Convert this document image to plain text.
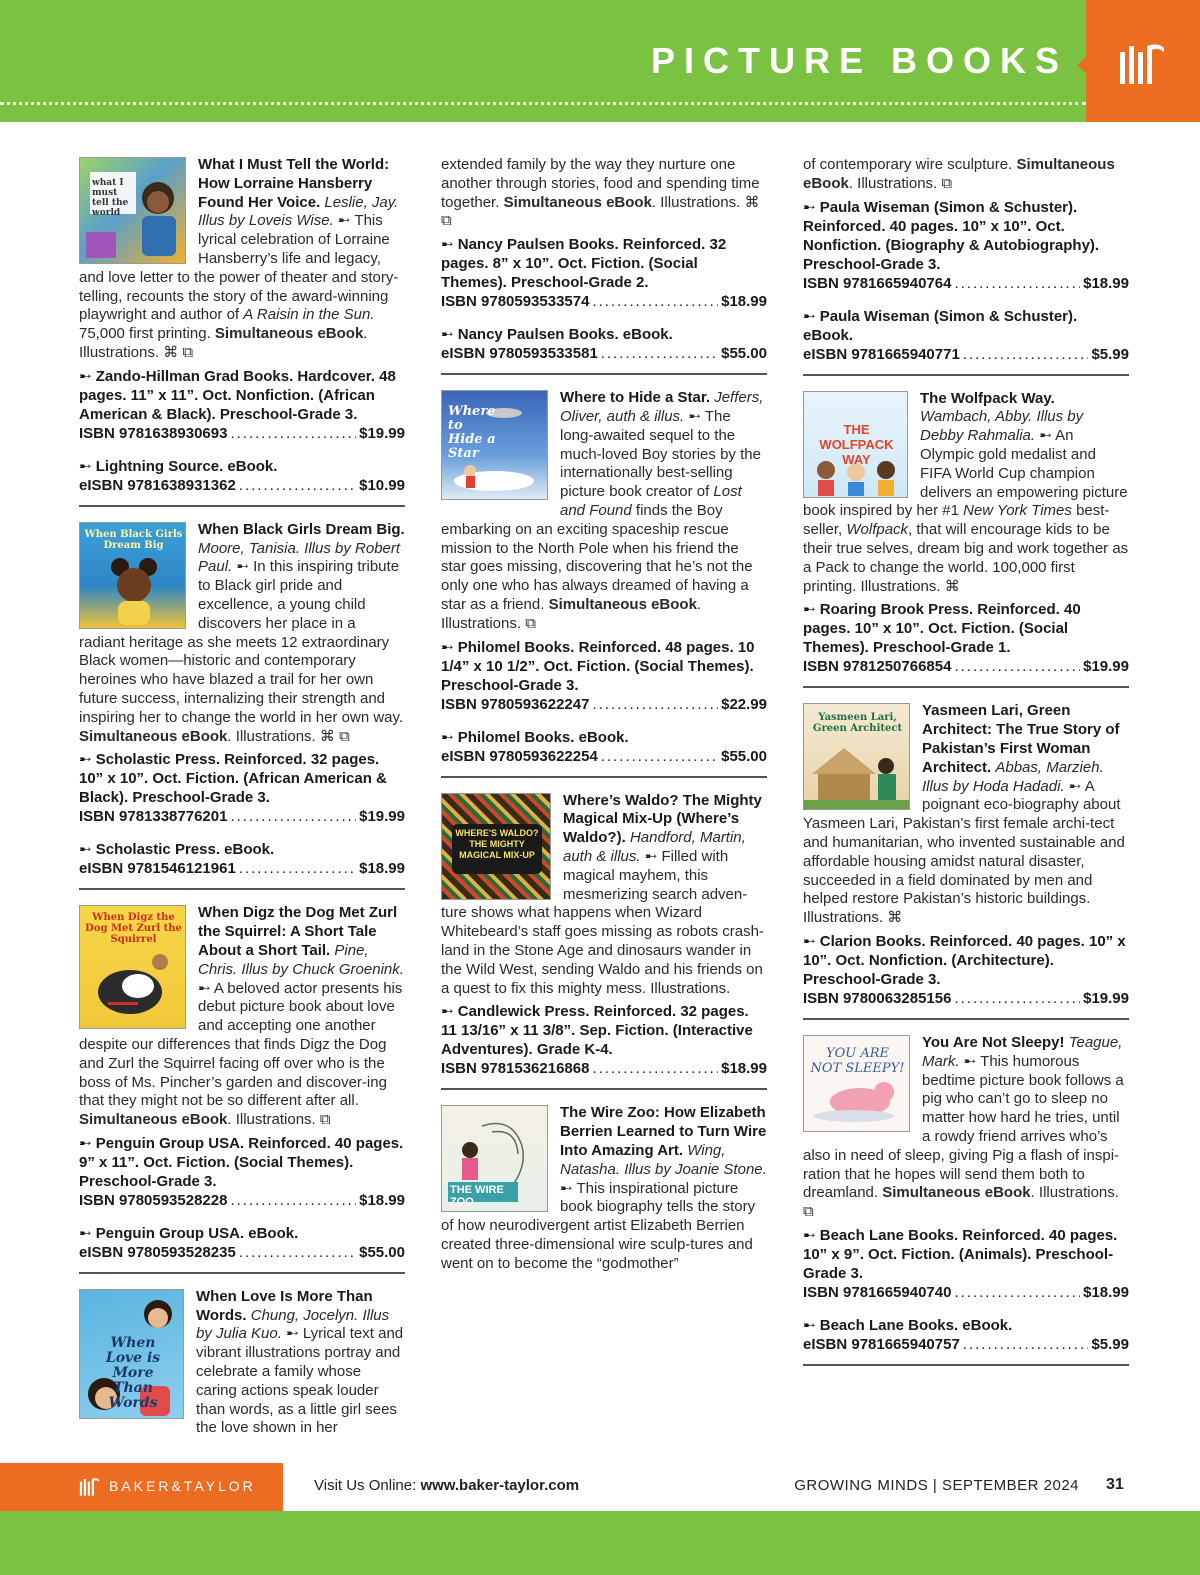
PICTURE BOOKS
what I must tell the world
What I Must Tell the World: How Lorraine Hansberry Found Her Voice. Leslie, Jay. Illus by Loveis Wise. ➸ This lyrical celebration of Lorraine Hansberry’s life and legacy, and love letter to the power of theater and story-telling, recounts the story of the award-winning playwright and author of A Raisin in the Sun. 75,000 first printing. Simultaneous eBook. Illustrations. ⌘ ⧉
➸ Zando-Hillman Grad Books. Hardcover. 48 pages. 11” x 11”. Oct. Nonfiction. (African American & Black). Preschool-Grade 3.
ISBN 9781638930693 .....	$19.99
➸ Lightning Source. eBook.
eISBN 9781638931362 .....	$10.99
When Black Girls Dream Big
When Black Girls Dream Big. Moore, Tanisia. Illus by Robert Paul. ➸ In this inspiring tribute to Black girl pride and excellence, a young child discovers her place in a radiant heritage as she meets 12 extraordinary Black women—historic and contemporary heroines who have blazed a trail for her own future success, internalizing their strength and inspiring her to change the world in her own way. Simultaneous eBook. Illustrations. ⌘ ⧉
➸ Scholastic Press. Reinforced. 32 pages. 10” x 10”. Oct. Fiction. (African American & Black). Preschool-Grade 3.
ISBN 9781338776201 .....	$19.99
➸ Scholastic Press. eBook.
eISBN 9781546121961 .....	$18.99
When Digz the Dog Met Zurl the Squirrel
When Digz the Dog Met Zurl the Squirrel: A Short Tale About a Short Tail. Pine, Chris. Illus by Chuck Groenink. ➸ A beloved actor presents his debut picture book about love and accepting one another despite our differences that finds Digz the Dog and Zurl the Squirrel facing off over who is the boss of Ms. Pincher’s garden and discover-ing that they might not be so different after all. Simultaneous eBook. Illustrations. ⧉
➸ Penguin Group USA. Reinforced. 40 pages. 9” x 11”. Oct. Fiction. (Social Themes). Preschool-Grade 3.
ISBN 9780593528228 .....	$18.99
➸ Penguin Group USA. eBook.
eISBN 9780593528235 .....	$55.00
When Love is More Than Words
When Love Is More Than Words. Chung, Jocelyn. Illus by Julia Kuo. ➸ Lyrical text and vibrant illustrations portray and celebrate a family whose caring actions speak louder than words, as a little girl sees the love shown in her
extended family by the way they nurture one another through stories, food and spending time together. Simultaneous eBook. Illustrations. ⌘ ⧉
➸ Nancy Paulsen Books. Reinforced. 32 pages. 8” x 10”. Oct. Fiction. (Social Themes). Preschool-Grade 2.
ISBN 9780593533574 .....	$18.99
➸ Nancy Paulsen Books. eBook.
eISBN 9780593533581 .....	$55.00
Where to Hide a Star
Where to Hide a Star. Jeffers, Oliver, auth & illus. ➸ The long-awaited sequel to the much-loved Boy stories by the internationally best-selling picture book creator of Lost and Found finds the Boy embarking on an exciting spaceship rescue mission to the North Pole when his friend the star goes missing, discovering that he’s not the only one who has always dreamed of having a star as a friend. Simultaneous eBook. Illustrations. ⧉
➸ Philomel Books. Reinforced. 48 pages. 10 1/4” x 10 1/2”. Oct. Fiction. (Social Themes). Preschool-Grade 3.
ISBN 9780593622247 .....	$22.99
➸ Philomel Books. eBook.
eISBN 9780593622254 .....	$55.00
WHERE'S WALDO? THE MIGHTY MAGICAL MIX-UP
Where’s Waldo? The Mighty Magical Mix-Up (Where’s Waldo?). Handford, Martin, auth & illus. ➸ Filled with magical mayhem, this mesmerizing search adven-ture shows what happens when Wizard Whitebeard’s staff goes missing as robots crash-land in the Stone Age and dinosaurs wander in the Wild West, sending Waldo and his friends on a quest to fix this mighty mess. Illustrations.
➸ Candlewick Press. Reinforced. 32 pages. 11 13/16” x 11 3/8”. Sep. Fiction. (Interactive Adventures). Grade K-4.
ISBN 9781536216868 .....	$18.99
THE WIRE ZOO
The Wire Zoo: How Elizabeth Berrien Learned to Turn Wire Into Amazing Art. Wing, Natasha. Illus by Joanie Stone. ➸ This inspirational picture book biography tells the story of how neurodivergent artist Elizabeth Berrien created three-dimensional wire sculp-tures and went on to become the “godmother”
of contemporary wire sculpture. Simultaneous eBook. Illustrations. ⧉
➸ Paula Wiseman (Simon & Schuster). Reinforced. 40 pages. 10” x 10”. Oct. Nonfiction. (Biography & Autobiography). Preschool-Grade 3.
ISBN 9781665940764 .....	$18.99
➸ Paula Wiseman (Simon & Schuster). eBook.
eISBN 9781665940771 .....	$5.99
THE WOLFPACK WAY
The Wolfpack Way. Wambach, Abby. Illus by Debby Rahmalia. ➸ An Olympic gold medalist and FIFA World Cup champion delivers an empowering picture book inspired by her #1 New York Times best-seller, Wolfpack, that will encourage kids to be their true selves, dream big and work together as a Pack to change the world. 100,000 first printing. Illustrations. ⌘
➸ Roaring Brook Press. Reinforced. 40 pages. 10” x 10”. Oct. Fiction. (Social Themes). Preschool-Grade 1.
ISBN 9781250766854 .....	$19.99
Yasmeen Lari, Green Architect
Yasmeen Lari, Green Architect: The True Story of Pakistan’s First Woman Architect. Abbas, Marzieh. Illus by Hoda Hadadi. ➸ A poignant eco-biography about Yasmeen Lari, Pakistan’s first female archi-tect and humanitarian, who invented sustainable and affordable housing amidst natural disaster, succeeded in a field dominated by men and helped restore Pakistan’s historic buildings. Illustrations. ⌘
➸ Clarion Books. Reinforced. 40 pages. 10” x 10”. Oct. Nonfiction. (Architecture). Preschool-Grade 3.
ISBN 9780063285156 .....	$19.99
YOU ARE NOT SLEEPY!
You Are Not Sleepy! Teague, Mark. ➸ This humorous bedtime picture book follows a pig who can’t go to sleep no matter how hard he tries, until a rowdy friend arrives who’s also in need of sleep, giving Pig a flash of inspi-ration that he hopes will send them both to dreamland. Simultaneous eBook. Illustrations. ⧉
➸ Beach Lane Books. Reinforced. 40 pages. 10” x 9”. Oct. Fiction. (Animals). Preschool-Grade 3.
ISBN 9781665940740 .....	$18.99
➸ Beach Lane Books. eBook.
eISBN 9781665940757 .....	$5.99
BAKER&TAYLOR	Visit Us Online: www.baker-taylor.com	GROWING MINDS | SEPTEMBER 2024 31
